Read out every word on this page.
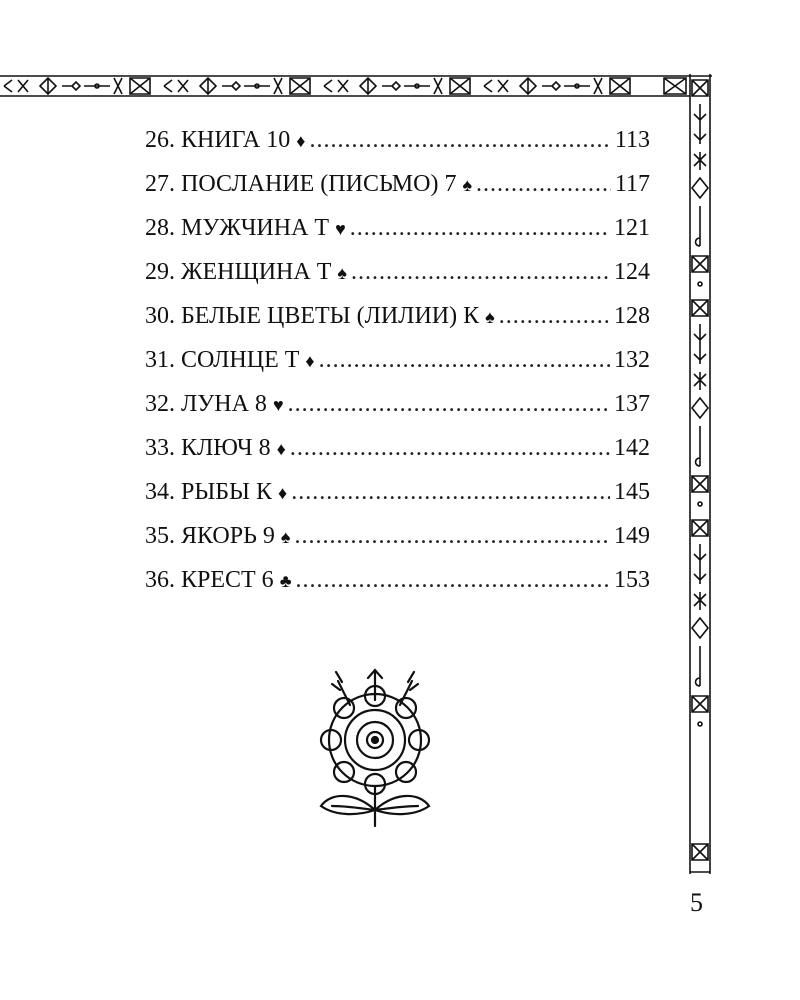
26. КНИГА 10 ♦ .....	113
27. ПОСЛАНИЕ (ПИСЬМО) 7 ♠ .....	117
28. МУЖЧИНА Т ♥ .....	121
29. ЖЕНЩИНА Т ♠ .....	124
30. БЕЛЫЕ ЦВЕТЫ (ЛИЛИИ) К ♠ .....	128
31. СОЛНЦЕ Т ♦ .....	132
32. ЛУНА 8 ♥ .....	137
33. КЛЮЧ 8 ♦ .....	142
34. РЫБЫ К ♦ .....	145
35. ЯКОРЬ 9 ♠ .....	149
36. КРЕСТ 6 ♣ .....	153
5
